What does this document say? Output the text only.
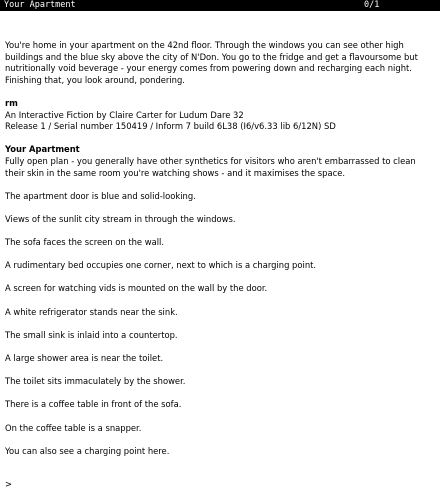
Your Apartment	0/1

You're home in your apartment on the 42nd floor. Through the windows you can see other high buildings and the blue sky above the city of N'Don. You go to the fridge and get a flavoursome but nutritionally void beverage - your energy comes from powering down and recharging each night. Finishing that, you look around, pondering.

rm

An Interactive Fiction by Claire Carter for Ludum Dare 32

Release 1 / Serial number 150419 / Inform 7 build 6L38 (I6/v6.33 lib 6/12N) SD

Your Apartment

Fully open plan - you generally have other synthetics for visitors who aren't embarrassed to clean their skin in the same room you're watching shows - and it maximises the space.

The apartment door is blue and solid-looking.

Views of the sunlit city stream in through the windows.

The sofa faces the screen on the wall.

A rudimentary bed occupies one corner, next to which is a charging point.

A screen for watching vids is mounted on the wall by the door.

A white refrigerator stands near the sink.

The small sink is inlaid into a countertop.

A large shower area is near the toilet.

The toilet sits immaculately by the shower.

There is a coffee table in front of the sofa.

On the coffee table is a snapper.

You can also see a charging point here.

>
